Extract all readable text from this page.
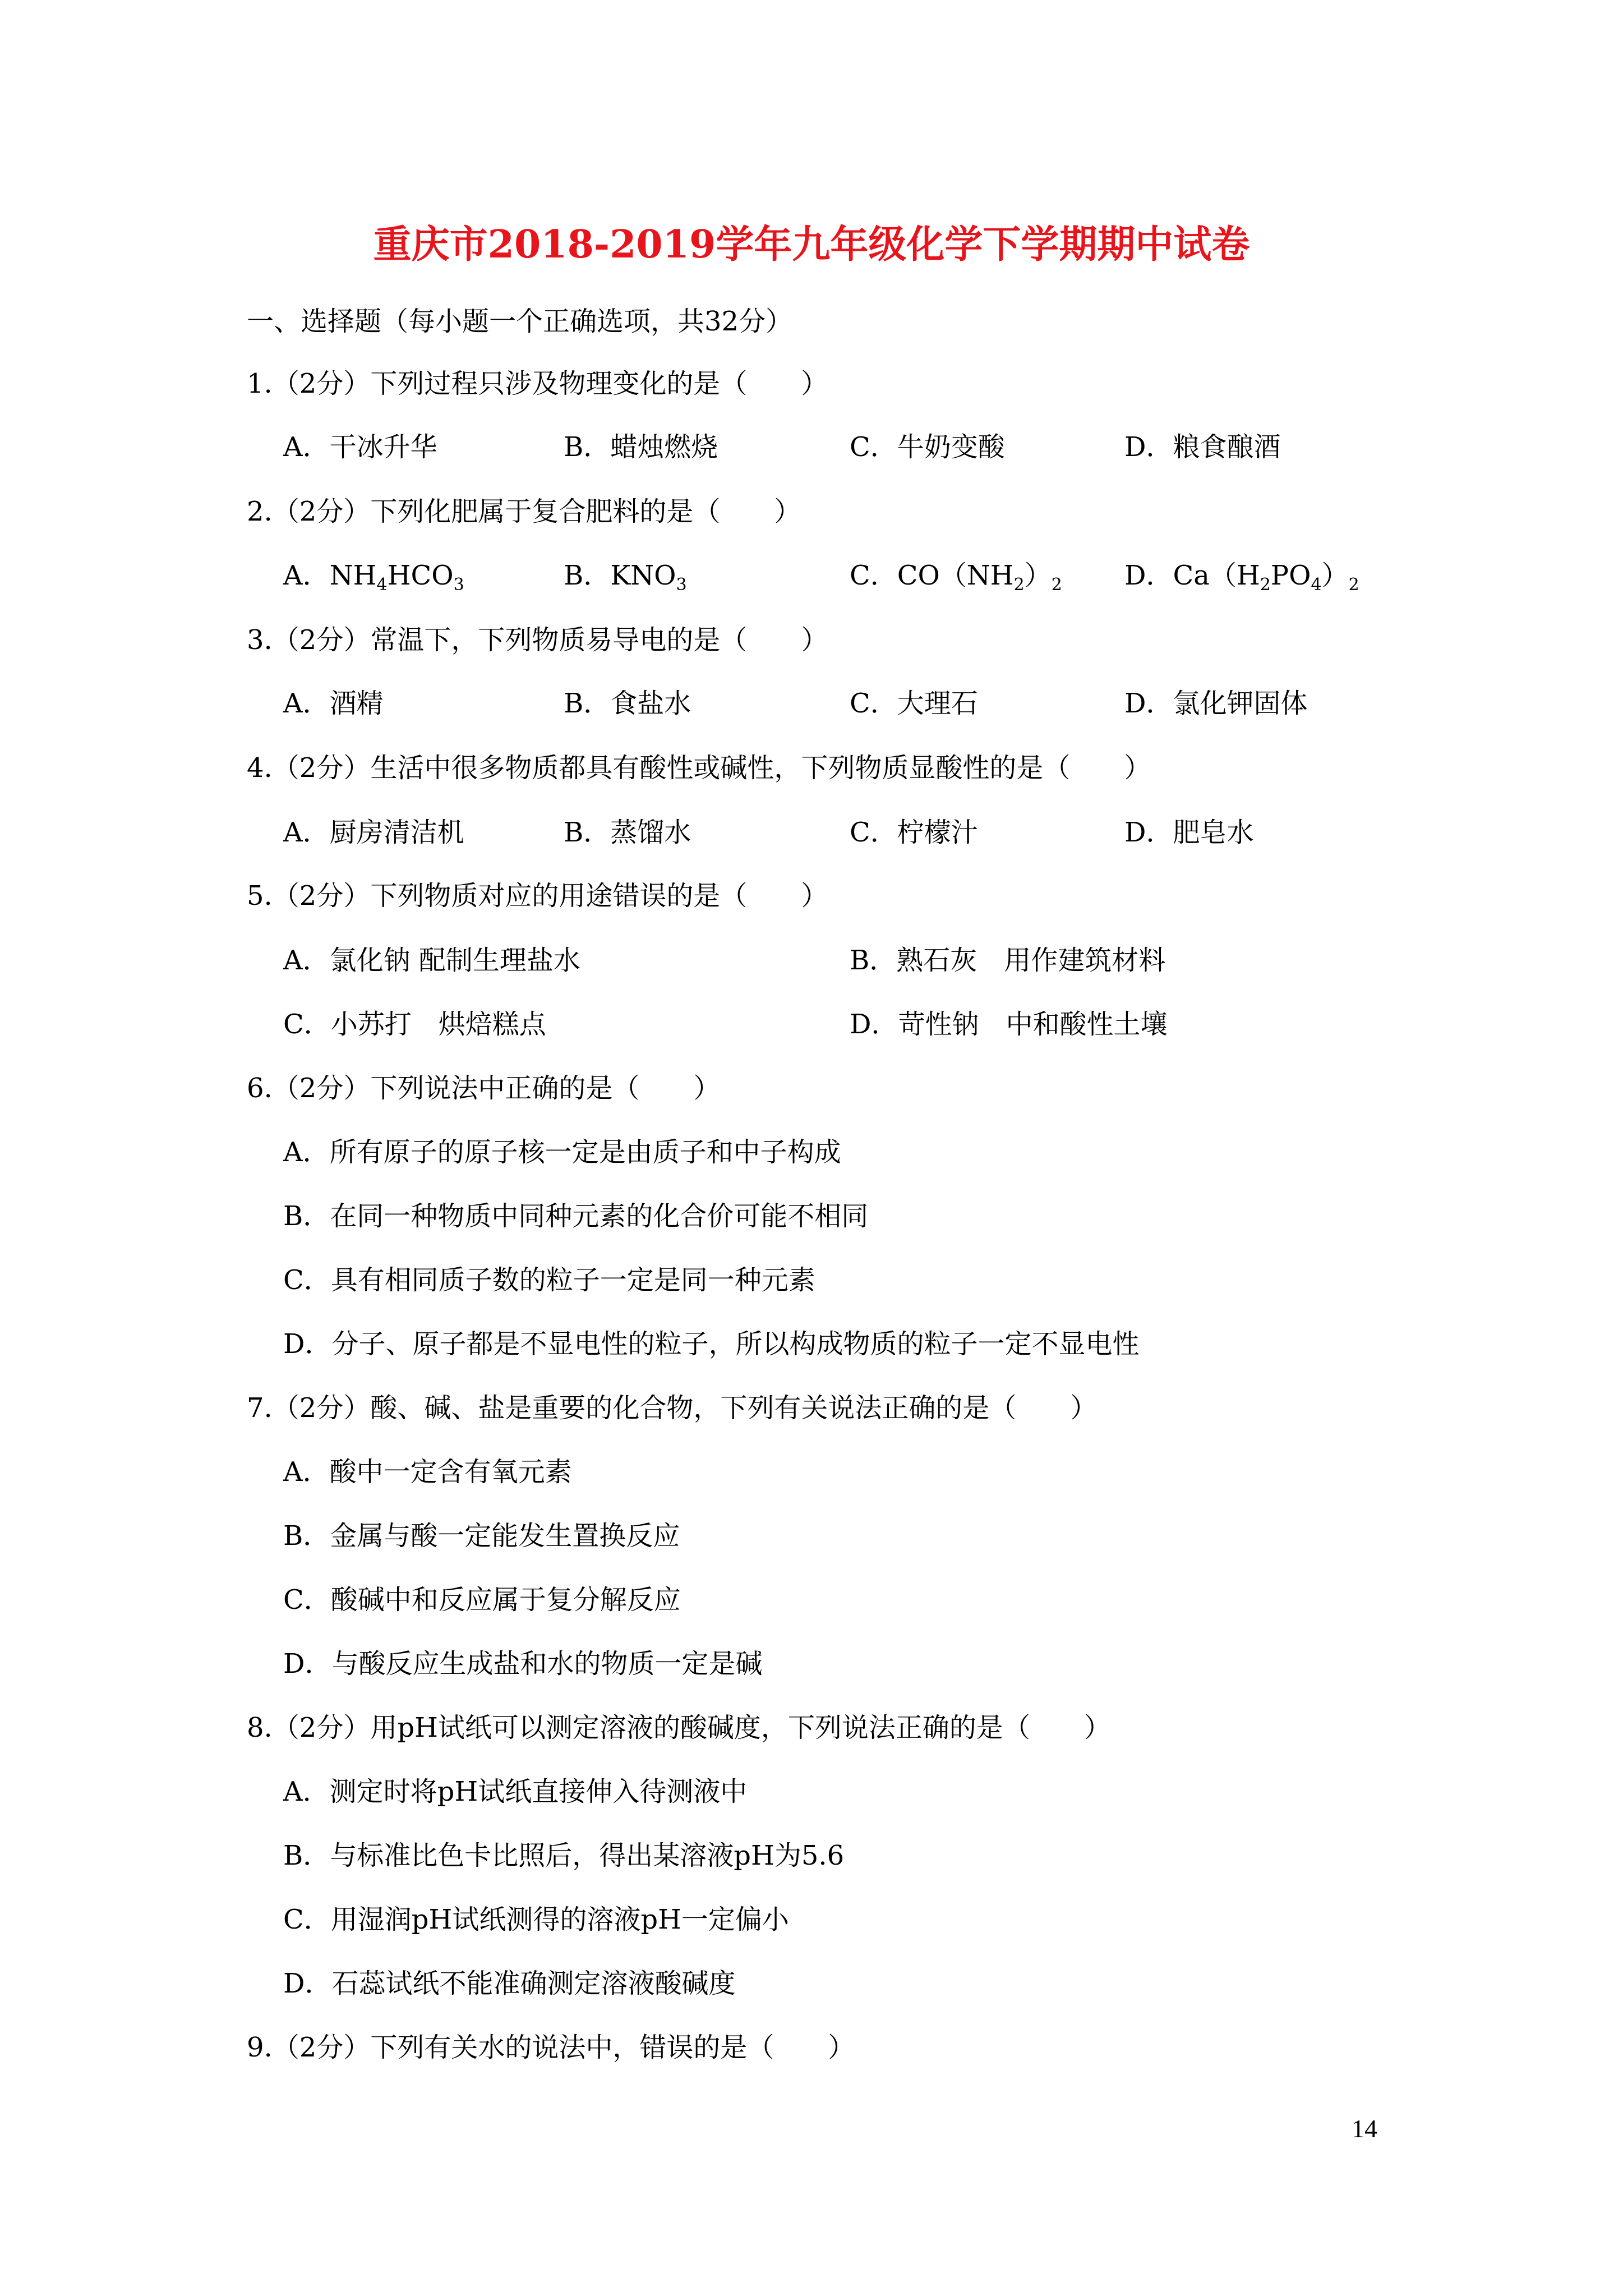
重庆市2018-2019学年九年级化学下学期期中试卷
一、选择题（每小题一个正确选项，共32分）
1.（2分）下列过程只涉及物理变化的是（　　）
A．干冰升华	B．蜡烛燃烧	C．牛奶变酸	D．粮食酿酒
2.（2分）下列化肥属于复合肥料的是（　　）
A．$NH_4HCO_3$	B．$KNO_3$	C．$CO(NH_2)_2$ D．$Ca(H_2PO_4)_2$
3.（2分）常温下，下列物质易导电的是（　　）
A．酒精	B．食盐水	C．大理石	D．氯化钾固体
4.（2分）生活中很多物质都具有酸性或碱性，下列物质显酸性的是（　　）
A．厨房清洁机	B．蒸馏水	C．柠檬汁	D．肥皂水
5.（2分）下列物质对应的用途错误的是（　　）
A．氯化钠 配制生理盐水	B．熟石灰　用作建筑材料
C．小苏打　烘焙糕点	D．苛性钠　中和酸性土壤
6.（2分）下列说法中正确的是（　　）
A．所有原子的原子核一定是由质子和中子构成
B．在同一种物质中同种元素的化合价可能不相同
C．具有相同质子数的粒子一定是同一种元素
D．分子、原子都是不显电性的粒子，所以构成物质的粒子一定不显电性
7.（2分）酸、碱、盐是重要的化合物，下列有关说法正确的是（　　）
A．酸中一定含有氧元素
B．金属与酸一定能发生置换反应
C．酸碱中和反应属于复分解反应
D．与酸反应生成盐和水的物质一定是碱
8.（2分）用pH试纸可以测定溶液的酸碱度，下列说法正确的是（　　）
A．测定时将pH试纸直接伸入待测液中
B．与标准比色卡比照后，得出某溶液pH为5.6
C．用湿润pH试纸测得的溶液pH一定偏小
D．石蕊试纸不能准确测定溶液酸碱度
9.（2分）下列有关水的说法中，错误的是（　　）
14
